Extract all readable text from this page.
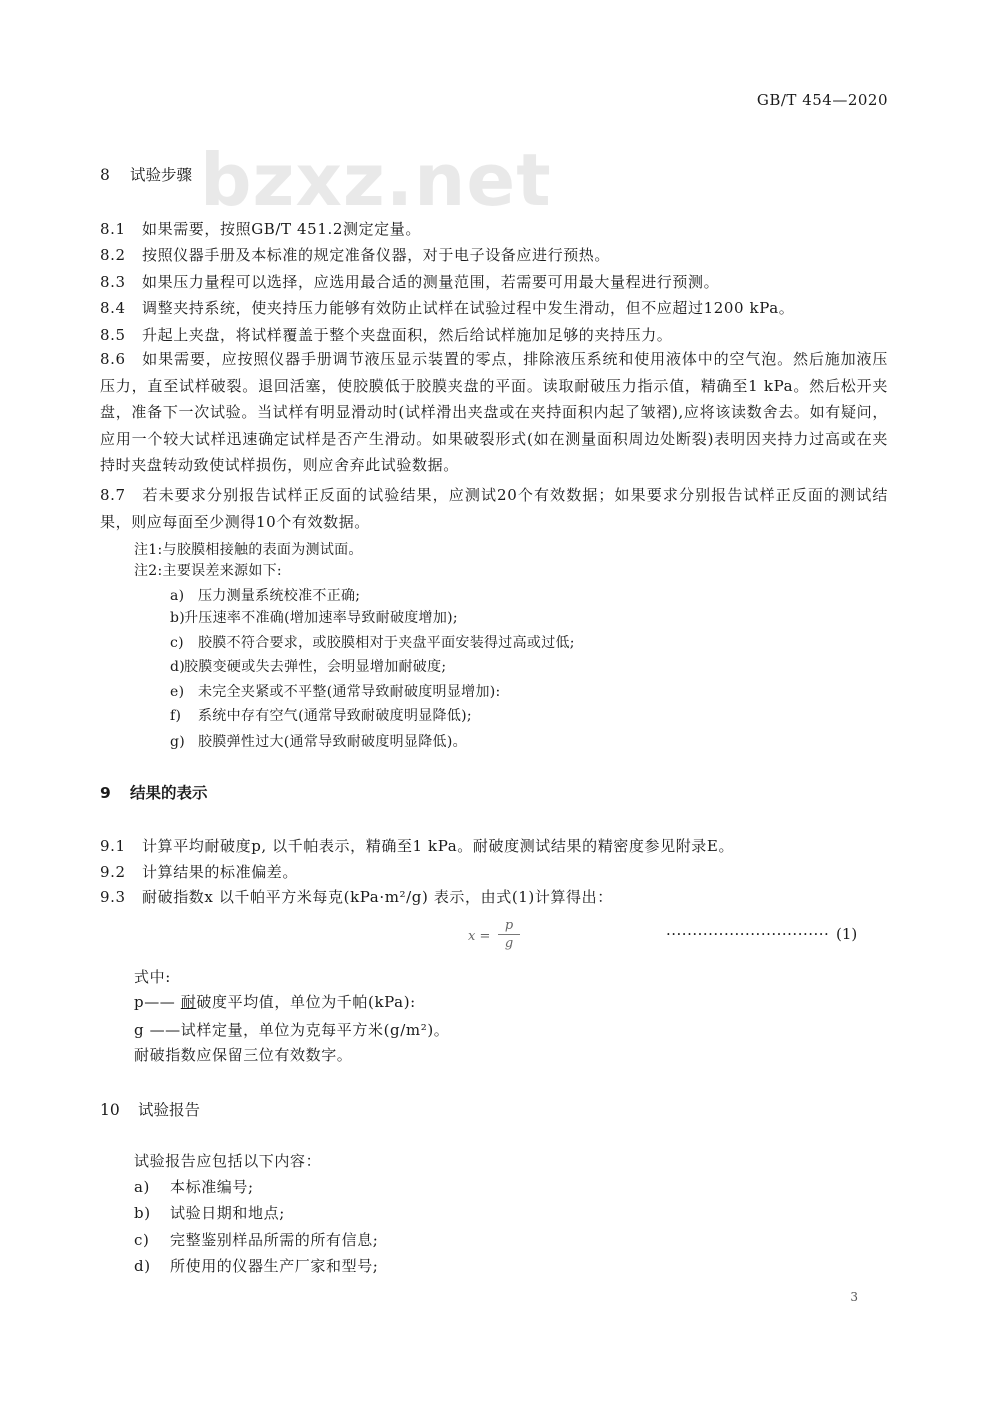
GB/T 454—2020
bzxz.net
8 试验步骤
8.1 如果需要，按照GB/T 451.2测定定量。
8.2 按照仪器手册及本标准的规定准备仪器，对于电子设备应进行预热。
8.3 如果压力量程可以选择，应选用最合适的测量范围，若需要可用最大量程进行预测。
8.4 调整夹持系统，使夹持压力能够有效防止试样在试验过程中发生滑动，但不应超过1200 kPa。
8.5 升起上夹盘，将试样覆盖于整个夹盘面积，然后给试样施加足够的夹持压力。
8.6 如果需要，应按照仪器手册调节液压显示装置的零点，排除液压系统和使用液体中的空气泡。然后施加液压压力，直至试样破裂。退回活塞，使胶膜低于胶膜夹盘的平面。读取耐破压力指示值，精确至1 kPa。然后松开夹盘，准备下一次试验。当试样有明显滑动时(试样滑出夹盘或在夹持面积内起了皱褶),应将该读数舍去。如有疑问，应用一个较大试样迅速确定试样是否产生滑动。如果破裂形式(如在测量面积周边处断裂)表明因夹持力过高或在夹持时夹盘转动致使试样损伤，则应舍弃此试验数据。
8.7 若未要求分别报告试样正反面的试验结果，应测试20个有效数据；如果要求分别报告试样正反面的测试结果，则应每面至少测得10个有效数据。
注1:与胶膜相接触的表面为测试面。
注2:主要误差来源如下:
a) 压力测量系统校准不正确;
b)升压速率不准确(增加速率导致耐破度增加);
c) 胶膜不符合要求，或胶膜相对于夹盘平面安装得过高或过低;
d)胶膜变硬或失去弹性，会明显增加耐破度;
e) 未完全夹紧或不平整(通常导致耐破度明显增加):
f) 系统中存有空气(通常导致耐破度明显降低);
g) 胶膜弹性过大(通常导致耐破度明显降低)。
9 结果的表示
9.1 计算平均耐破度p, 以千帕表示，精确至1 kPa。耐破度测试结果的精密度参见附录E。
9.2 计算结果的标准偏差。
9.3 耐破指数x 以千帕平方米每克(kPa·m²/g) 表示，由式(1)计算得出：
x =
p
g
······························· (1)
式中:
p—— 耐破度平均值，单位为千帕(kPa):
g ——试样定量，单位为克每平方米(g/m²)。
耐破指数应保留三位有效数字。
10 试验报告
试验报告应包括以下内容：
a) 本标准编号;
b) 试验日期和地点;
c) 完整鉴别样品所需的所有信息;
d) 所使用的仪器生产厂家和型号;
3
